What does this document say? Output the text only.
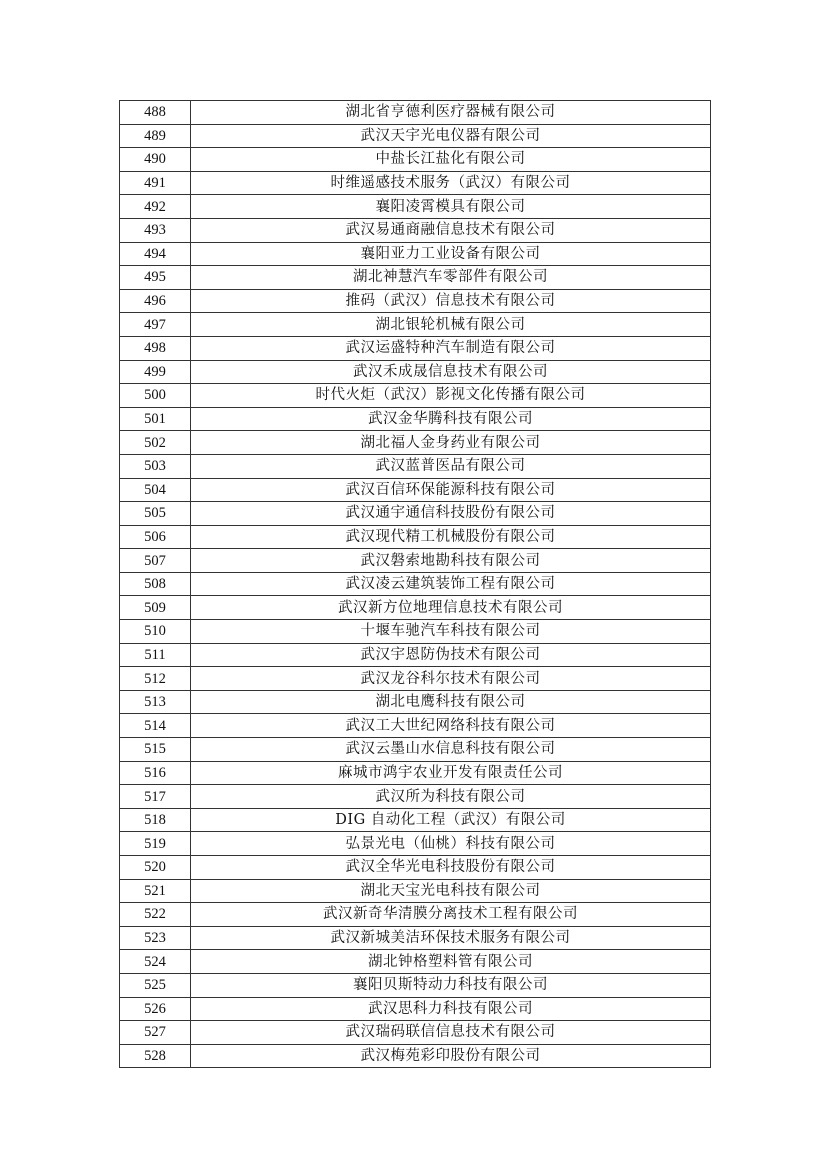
488	湖北省亨德利医疗器械有限公司
489	武汉天宇光电仪器有限公司
490	中盐长江盐化有限公司
491	时维遥感技术服务（武汉）有限公司
492	襄阳凌霄模具有限公司
493	武汉易通商融信息技术有限公司
494	襄阳亚力工业设备有限公司
495	湖北神慧汽车零部件有限公司
496	推码（武汉）信息技术有限公司
497	湖北银轮机械有限公司
498	武汉运盛特种汽车制造有限公司
499	武汉禾成晟信息技术有限公司
500	时代火炬（武汉）影视文化传播有限公司
501	武汉金华腾科技有限公司
502	湖北福人金身药业有限公司
503	武汉蓝普医品有限公司
504	武汉百信环保能源科技有限公司
505	武汉通宇通信科技股份有限公司
506	武汉现代精工机械股份有限公司
507	武汉磐索地勘科技有限公司
508	武汉凌云建筑装饰工程有限公司
509	武汉新方位地理信息技术有限公司
510	十堰车驰汽车科技有限公司
511	武汉宇恩防伪技术有限公司
512	武汉龙谷科尔技术有限公司
513	湖北电鹰科技有限公司
514	武汉工大世纪网络科技有限公司
515	武汉云墨山水信息科技有限公司
516	麻城市鸿宇农业开发有限责任公司
517	武汉所为科技有限公司
518	DIG 自动化工程（武汉）有限公司
519	弘景光电（仙桃）科技有限公司
520	武汉全华光电科技股份有限公司
521	湖北天宝光电科技有限公司
522	武汉新奇华清膜分离技术工程有限公司
523	武汉新城美洁环保技术服务有限公司
524	湖北钟格塑料管有限公司
525	襄阳贝斯特动力科技有限公司
526	武汉思科力科技有限公司
527	武汉瑞码联信信息技术有限公司
528	武汉梅苑彩印股份有限公司
